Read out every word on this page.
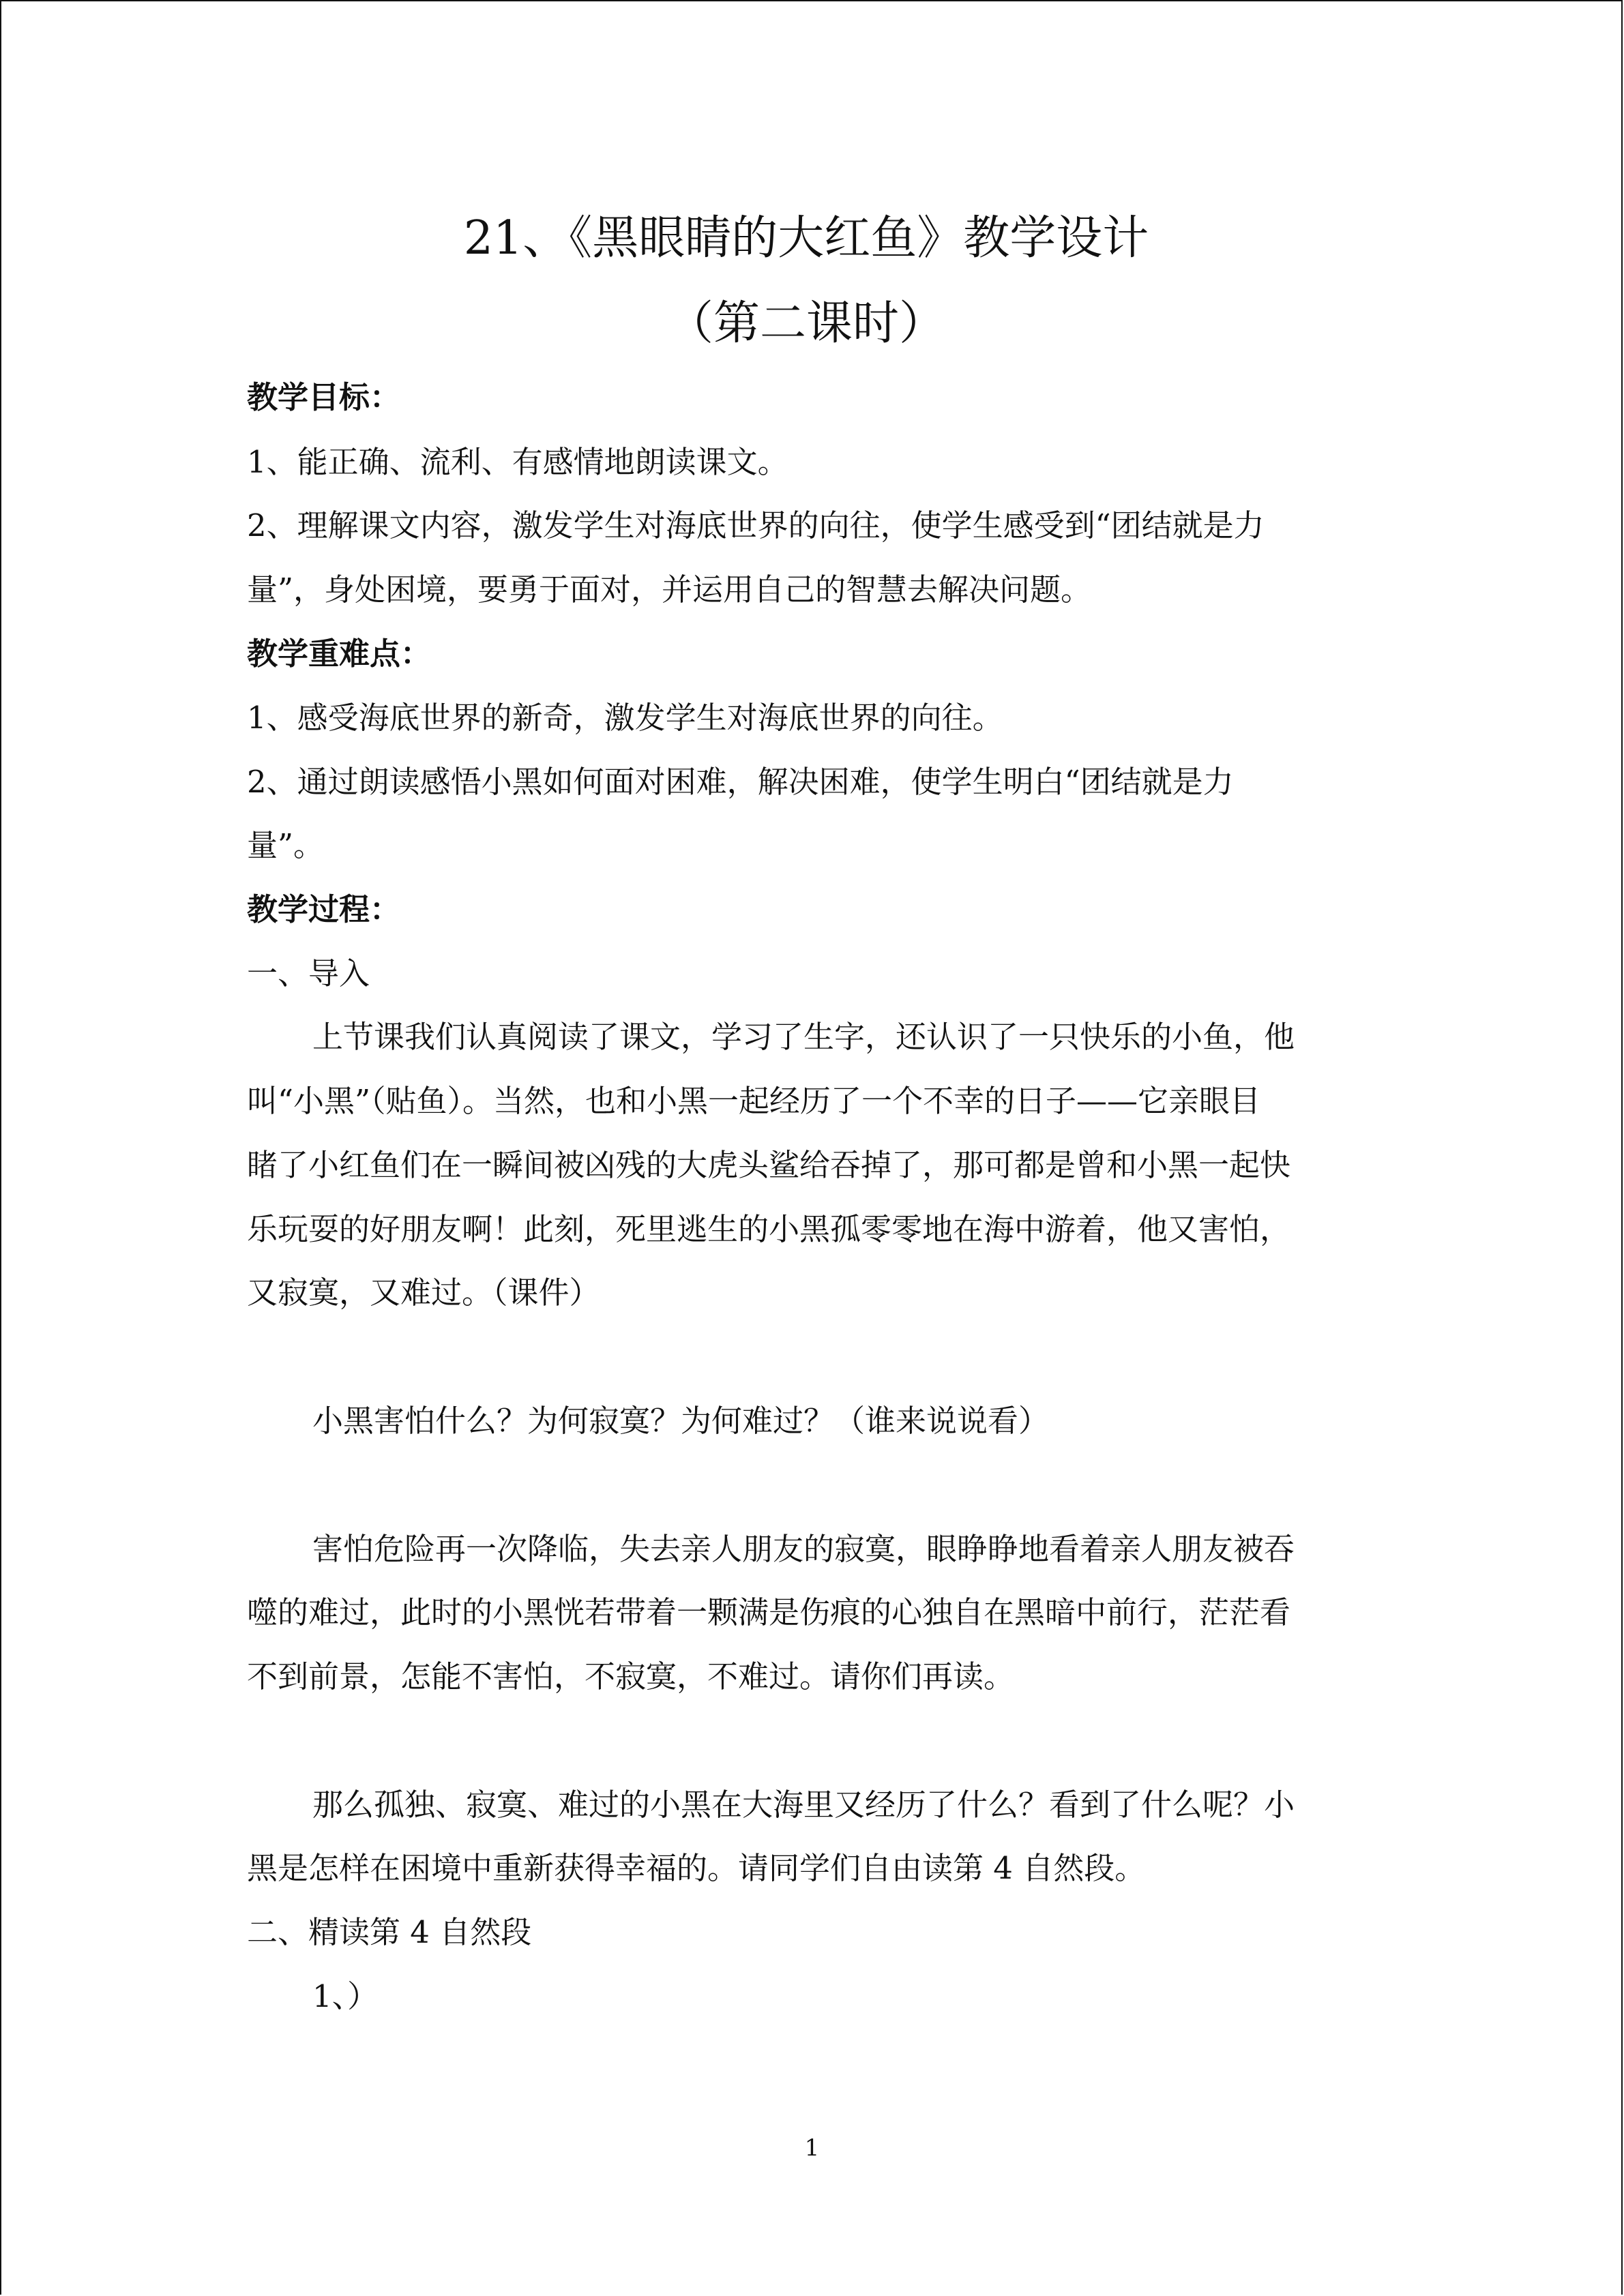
21、《黑眼睛的大红鱼》教学设计
（第二课时）
教学目标：
1、能正确、流利、有感情地朗读课文。
2、理解课文内容，激发学生对海底世界的向往，使学生感受到“团结就是力
量”，身处困境，要勇于面对，并运用自己的智慧去解决问题。
教学重难点：
1、感受海底世界的新奇，激发学生对海底世界的向往。
2、通过朗读感悟小黑如何面对困难，解决困难，使学生明白“团结就是力
量”。
教学过程：
一、导入
上节课我们认真阅读了课文，学习了生字，还认识了一只快乐的小鱼，他
叫“小黑”（贴鱼）。当然，也和小黑一起经历了一个不幸的日子——它亲眼目
睹了小红鱼们在一瞬间被凶残的大虎头鲨给吞掉了，那可都是曾和小黑一起快
乐玩耍的好朋友啊！此刻，死里逃生的小黑孤零零地在海中游着，他又害怕，
又寂寞，又难过。（课件）
小黑害怕什么？为何寂寞？为何难过？（谁来说说看）
害怕危险再一次降临，失去亲人朋友的寂寞，眼睁睁地看着亲人朋友被吞
噬的难过，此时的小黑恍若带着一颗满是伤痕的心独自在黑暗中前行，茫茫看
不到前景，怎能不害怕，不寂寞，不难过。请你们再读。
那么孤独、寂寞、难过的小黑在大海里又经历了什么？看到了什么呢？小
黑是怎样在困境中重新获得幸福的。请同学们自由读第 4 自然段。
二、精读第 4 自然段
1、）
1
